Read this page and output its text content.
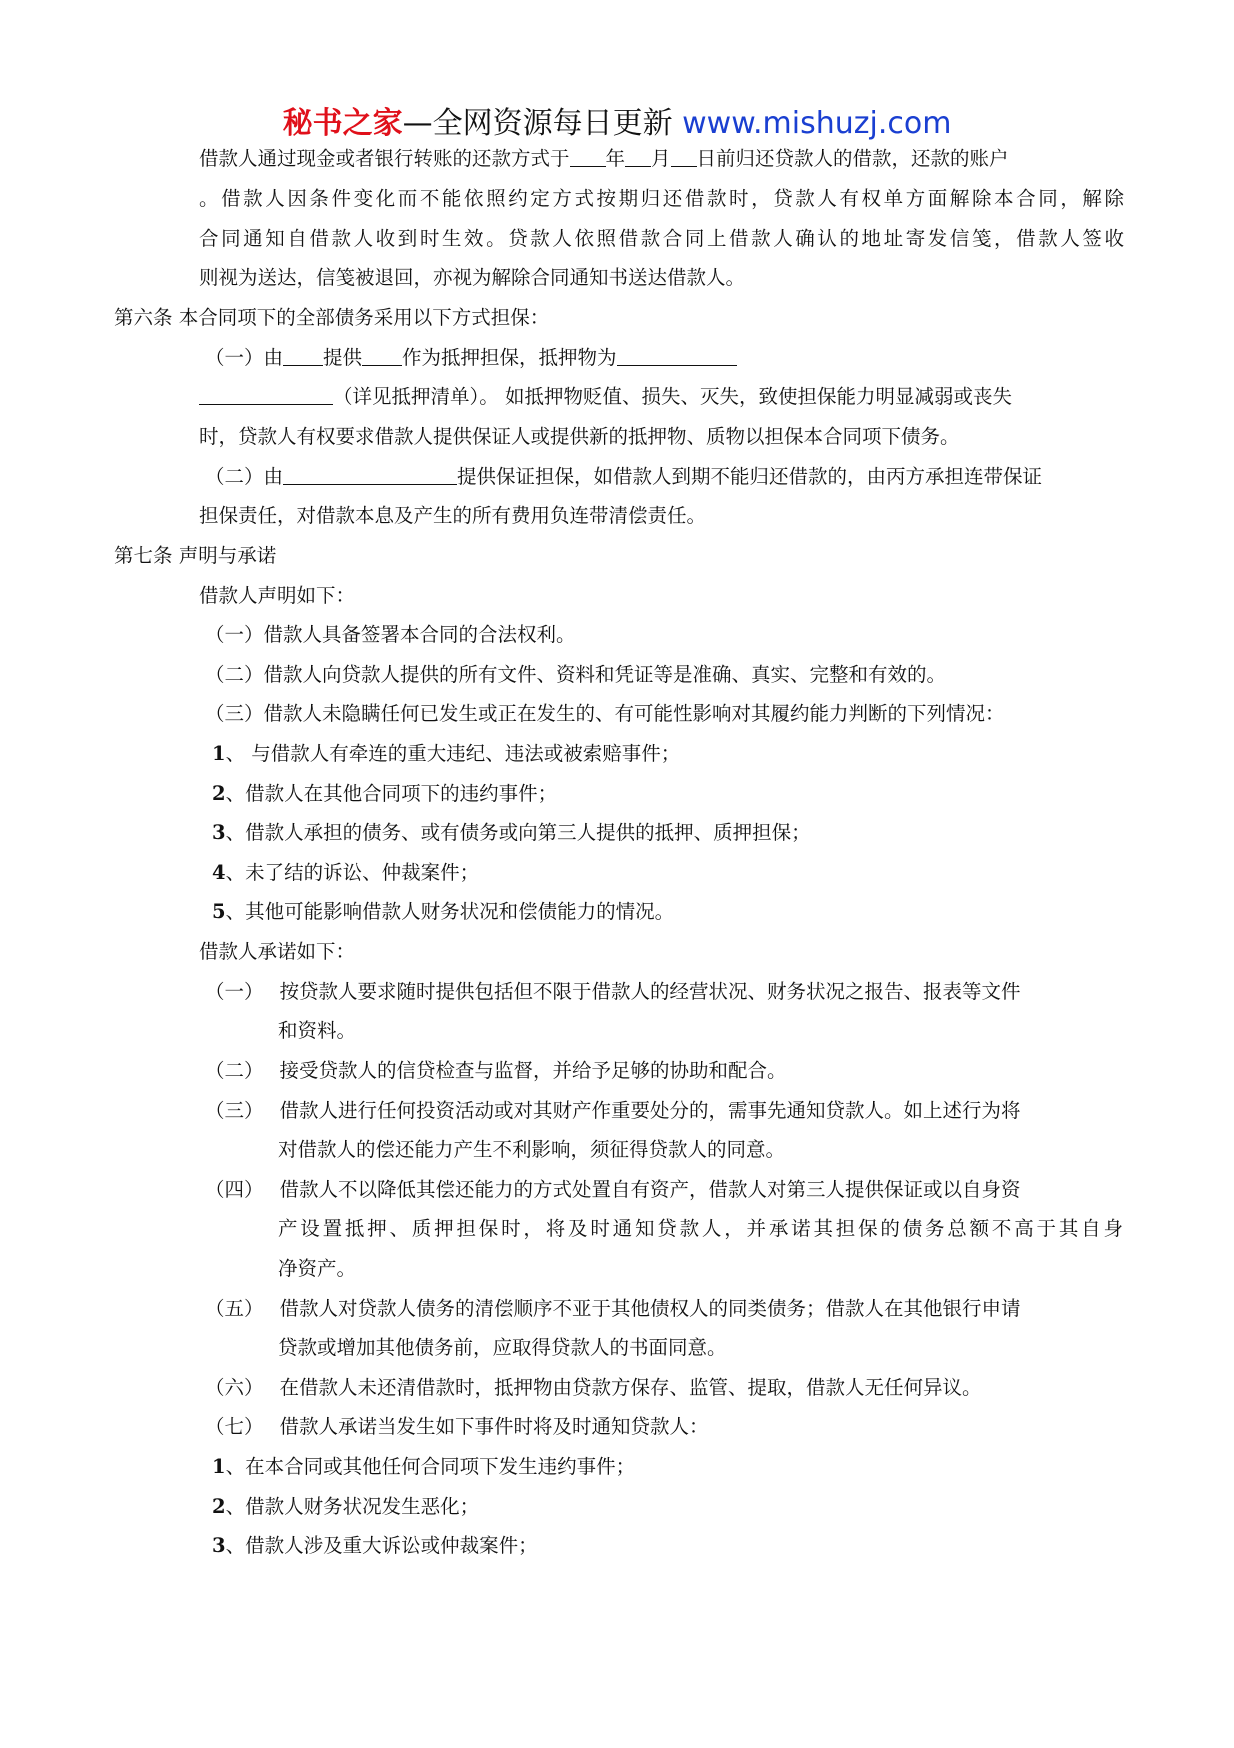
秘书之家—全网资源每日更新 www.mishuzj.com
借款人通过现金或者银行转账的还款方式于 年 月 日前归还贷款人的借款，还款的账户
。借款人因条件变化而不能依照约定方式按期归还借款时，贷款人有权单方面解除本合同，解除
合同通知自借款人收到时生效。贷款人依照借款合同上借款人确认的地址寄发信笺，借款人签收
则视为送达，信笺被退回，亦视为解除合同通知书送达借款人。
第六条 本合同项下的全部债务采用以下方式担保：
（一）由 提供 作为抵押担保，抵押物为
（详见抵押清单）。 如抵押物贬值、损失、灭失，致使担保能力明显减弱或丧失
时，贷款人有权要求借款人提供保证人或提供新的抵押物、质物以担保本合同项下债务。
（二）由	提供保证担保，如借款人到期不能归还借款的，由丙方承担连带保证
担保责任，对借款本息及产生的所有费用负连带清偿责任。
第七条 声明与承诺
借款人声明如下：
（一）借款人具备签署本合同的合法权利。
（二）借款人向贷款人提供的所有文件、资料和凭证等是准确、真实、完整和有效的。
（三）借款人未隐瞒任何已发生或正在发生的、有可能性影响对其履约能力判断的下列情况：
1、 与借款人有牵连的重大违纪、违法或被索赔事件；
2、借款人在其他合同项下的违约事件；
3、借款人承担的债务、或有债务或向第三人提供的抵押、质押担保；
4、未了结的诉讼、仲裁案件；
5、其他可能影响借款人财务状况和偿债能力的情况。
借款人承诺如下：
（一） 按贷款人要求随时提供包括但不限于借款人的经营状况、财务状况之报告、报表等文件
和资料。
（二） 接受贷款人的信贷检查与监督，并给予足够的协助和配合。
（三） 借款人进行任何投资活动或对其财产作重要处分的，需事先通知贷款人。如上述行为将
对借款人的偿还能力产生不利影响，须征得贷款人的同意。
（四） 借款人不以降低其偿还能力的方式处置自有资产，借款人对第三人提供保证或以自身资
产设置抵押、质押担保时，将及时通知贷款人，并承诺其担保的债务总额不高于其自身
净资产。
（五） 借款人对贷款人债务的清偿顺序不亚于其他债权人的同类债务；借款人在其他银行申请
贷款或增加其他债务前，应取得贷款人的书面同意。
（六） 在借款人未还清借款时，抵押物由贷款方保存、监管、提取，借款人无任何异议。
（七） 借款人承诺当发生如下事件时将及时通知贷款人：
1、在本合同或其他任何合同项下发生违约事件；
2、借款人财务状况发生恶化；
3、借款人涉及重大诉讼或仲裁案件；
